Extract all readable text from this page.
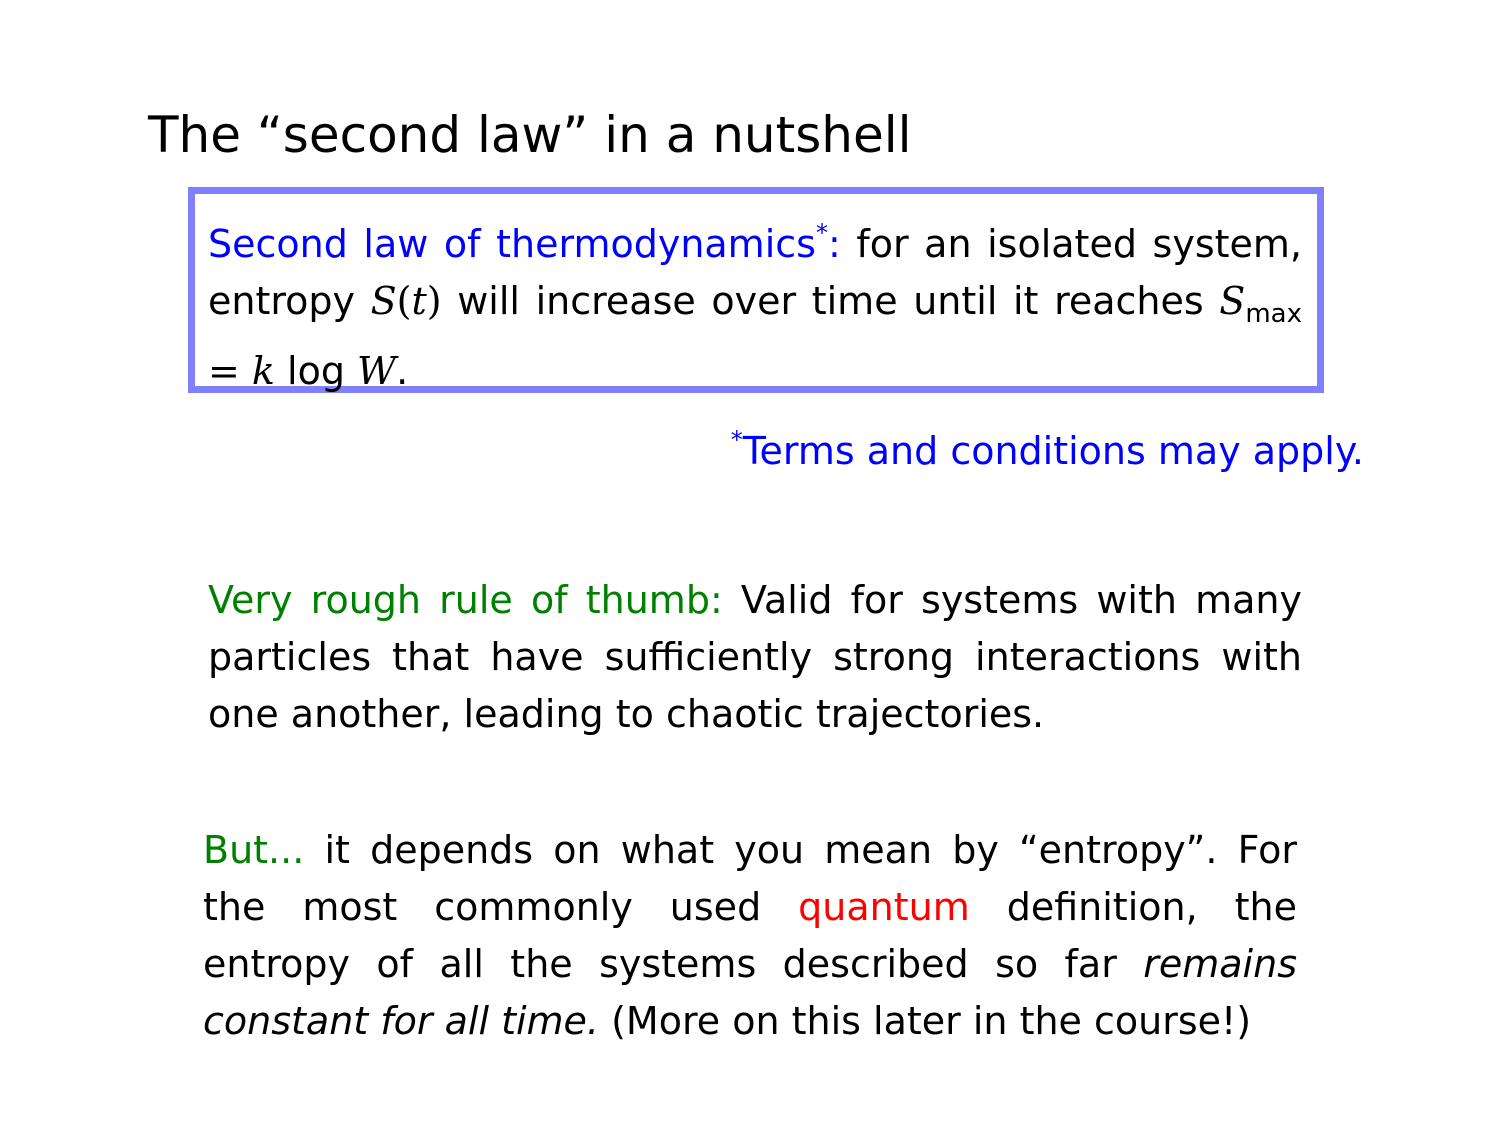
The “second law” in a nutshell
Second law of thermodynamics*: for an isolated system, entropy S(t) will increase over time until it reaches $S_{max} = k$ log W.
*Terms and conditions may apply.
Very rough rule of thumb: Valid for systems with many particles that have sufficiently strong interactions with one another, leading to chaotic trajectories.
But... it depends on what you mean by “entropy”. For the most commonly used quantum definition, the entropy of all the systems described so far remains constant for all time. (More on this later in the course!)
